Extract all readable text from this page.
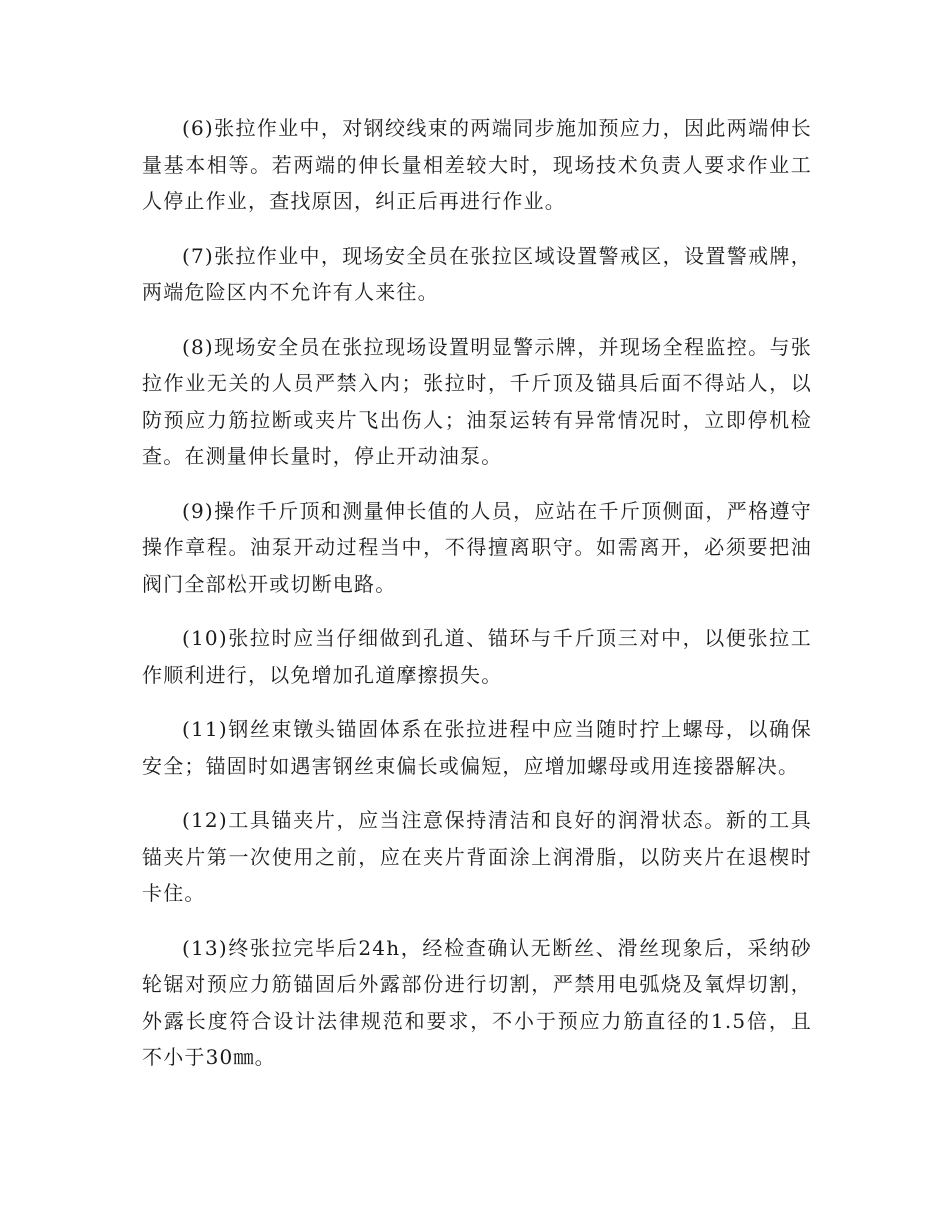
(6)张拉作业中，对钢绞线束的两端同步施加预应力，因此两端伸长量基本相等。若两端的伸长量相差较大时，现场技术负责人要求作业工人停止作业，查找原因，纠正后再进行作业。

(7)张拉作业中，现场安全员在张拉区域设置警戒区，设置警戒牌，两端危险区内不允许有人来往。

(8)现场安全员在张拉现场设置明显警示牌，并现场全程监控。与张拉作业无关的人员严禁入内；张拉时，千斤顶及锚具后面不得站人，以防预应力筋拉断或夹片飞出伤人；油泵运转有异常情况时，立即停机检查。在测量伸长量时，停止开动油泵。

(9)操作千斤顶和测量伸长值的人员，应站在千斤顶侧面，严格遵守操作章程。油泵开动过程当中，不得擅离职守。如需离开，必须要把油阀门全部松开或切断电路。

(10)张拉时应当仔细做到孔道、锚环与千斤顶三对中，以便张拉工作顺利进行，以免增加孔道摩擦损失。

(11)钢丝束镦头锚固体系在张拉进程中应当随时拧上螺母，以确保安全；锚固时如遇害钢丝束偏长或偏短，应增加螺母或用连接器解决。

(12)工具锚夹片，应当注意保持清洁和良好的润滑状态。新的工具锚夹片第一次使用之前，应在夹片背面涂上润滑脂，以防夹片在退楔时卡住。

(13)终张拉完毕后24h，经检查确认无断丝、滑丝现象后，采纳砂轮锯对预应力筋锚固后外露部份进行切割，严禁用电弧烧及氧焊切割，外露长度符合设计法律规范和要求，不小于预应力筋直径的1.5倍，且不小于30㎜。
